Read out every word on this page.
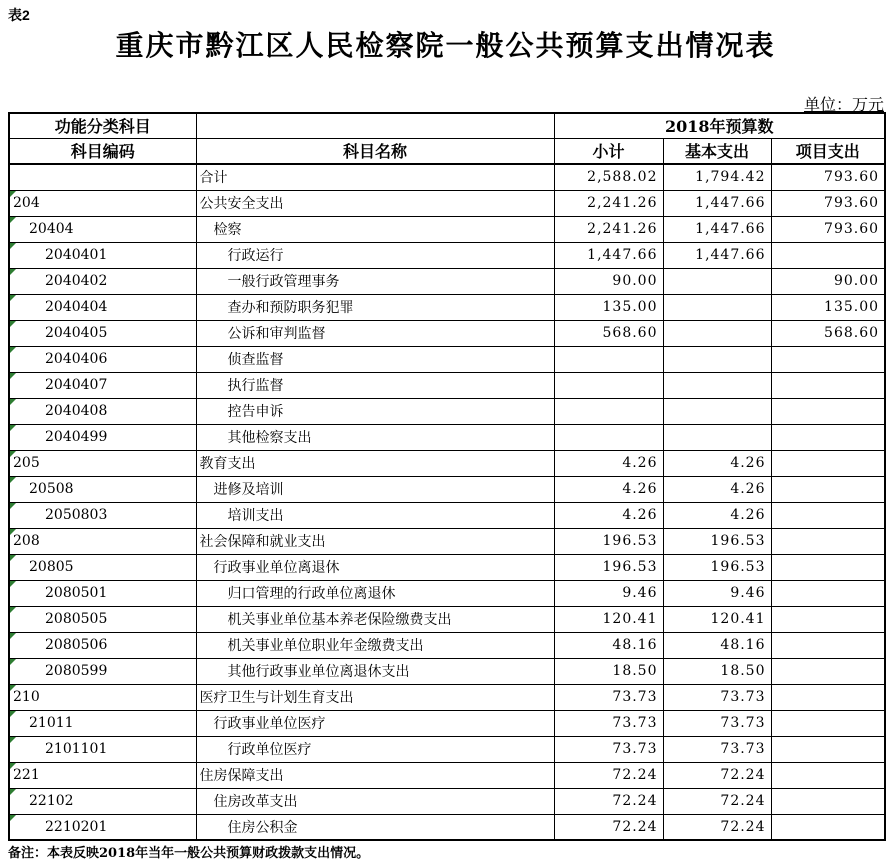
表2
重庆市黔江区人民检察院一般公共预算支出情况表
单位：万元
功能分类科目		2018年预算数		
科目编码	科目名称	小计	基本支出	项目支出
	合计	2,588.02	1,794.42	793.60

204	公共安全支出	2,241.26	1,447.66	793.60

20404	检察	2,241.26	1,447.66	793.60

2040401	行政运行	1,447.66	1,447.66	

2040402	一般行政管理事务	90.00		90.00

2040404	查办和预防职务犯罪	135.00		135.00

2040405	公诉和审判监督	568.60		568.60

2040406	侦查监督			

2040407	执行监督			

2040408	控告申诉			

2040499	其他检察支出			

205	教育支出	4.26	4.26	

20508	进修及培训	4.26	4.26	

2050803	培训支出	4.26	4.26	

208	社会保障和就业支出	196.53	196.53	

20805	行政事业单位离退休	196.53	196.53	

2080501	归口管理的行政单位离退休	9.46	9.46	

2080505	机关事业单位基本养老保险缴费支出	120.41	120.41	

2080506	机关事业单位职业年金缴费支出	48.16	48.16	

2080599	其他行政事业单位离退休支出	18.50	18.50	

210	医疗卫生与计划生育支出	73.73	73.73	

21011	行政事业单位医疗	73.73	73.73	

2101101	行政单位医疗	73.73	73.73	

221	住房保障支出	72.24	72.24	

22102	住房改革支出	72.24	72.24	

2210201	住房公积金	72.24	72.24	
备注：本表反映2018年当年一般公共预算财政拨款支出情况。
